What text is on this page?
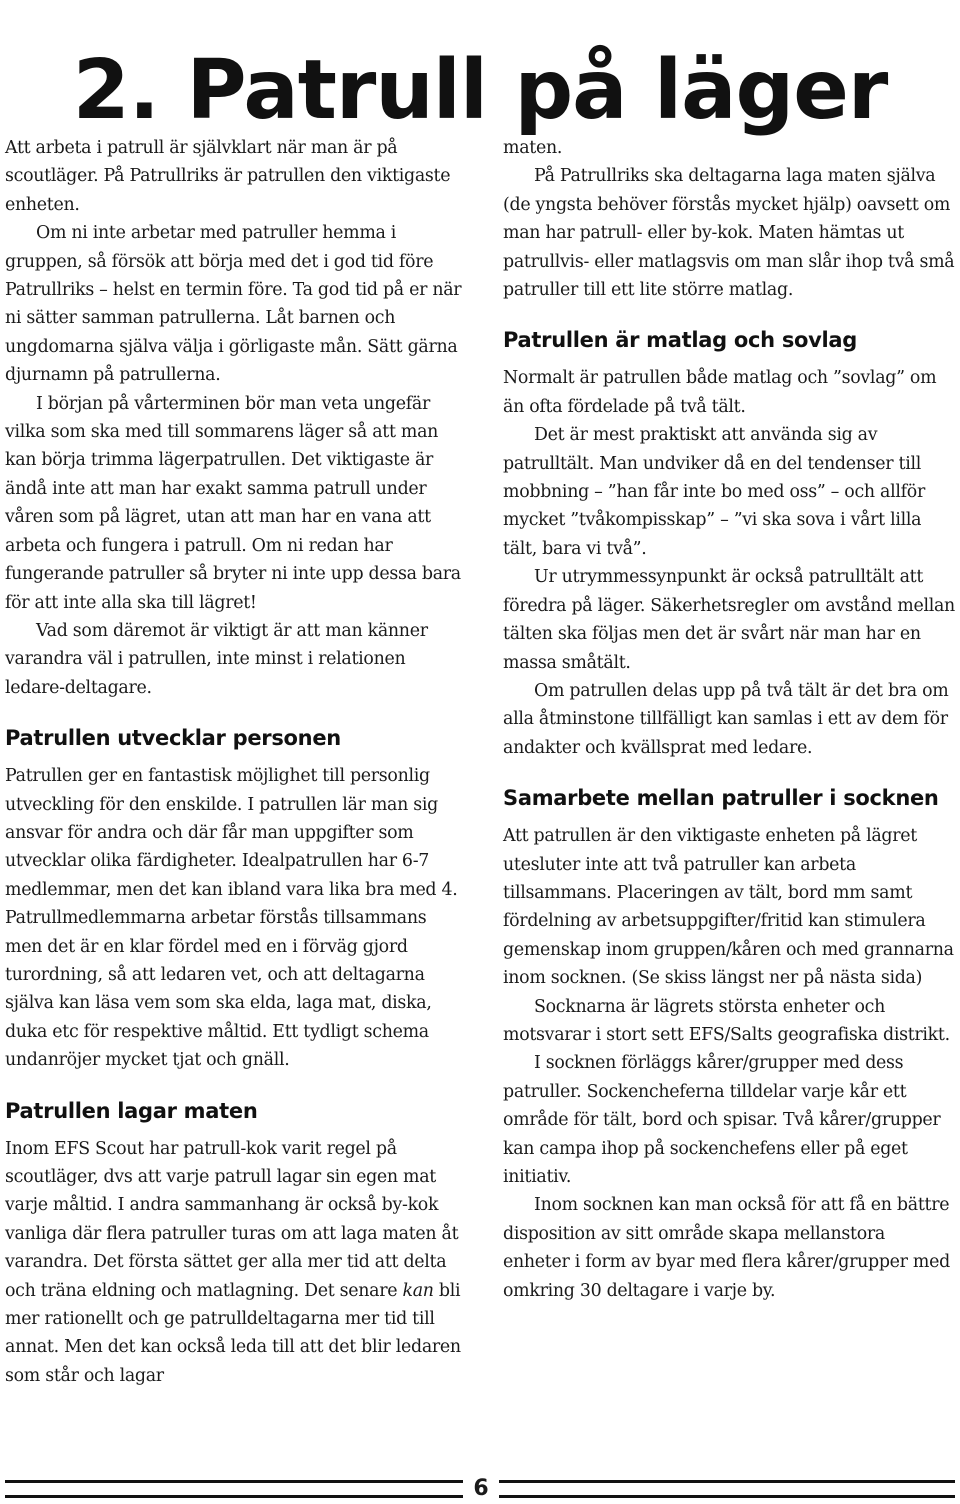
2. Patrull på läger

Att arbeta i patrull är självklart när man är på scoutläger. På Patrullriks är patrullen den viktigaste enheten.

Om ni inte arbetar med patruller hemma i gruppen, så försök att börja med det i god tid före Patrullriks – helst en termin före. Ta god tid på er när ni sätter samman patrullerna. Låt barnen och ungdomarna själva välja i görligaste mån. Sätt gärna djurnamn på patrullerna.

I början på vårterminen bör man veta ungefär vilka som ska med till sommarens läger så att man kan börja trimma lägerpatrullen. Det viktigaste är ändå inte att man har exakt samma patrull under våren som på lägret, utan att man har en vana att arbeta och fungera i patrull. Om ni redan har fungerande patruller så bryter ni inte upp dessa bara för att inte alla ska till lägret!

Vad som däremot är viktigt är att man känner varandra väl i patrullen, inte minst i relationen ledare-deltagare.

Patrullen utvecklar personen

Patrullen ger en fantastisk möjlighet till personlig utveckling för den enskilde. I patrullen lär man sig ansvar för andra och där får man uppgifter som utvecklar olika färdigheter. Idealpatrullen har 6-7 medlemmar, men det kan ibland vara lika bra med 4. Patrullmedlemmarna arbetar förstås tillsammans men det är en klar fördel med en i förväg gjord turordning, så att ledaren vet, och att deltagarna själva kan läsa vem som ska elda, laga mat, diska, duka etc för respektive måltid. Ett tydligt schema undanröjer mycket tjat och gnäll.

Patrullen lagar maten

Inom EFS Scout har patrull-kok varit regel på scoutläger, dvs att varje patrull lagar sin egen mat varje måltid. I andra sammanhang är också by-kok vanliga där flera patruller turas om att laga maten åt varandra. Det första sättet ger alla mer tid att delta och träna eldning och matlagning. Det senare kan bli mer rationellt och ge patrulldeltagarna mer tid till annat. Men det kan också leda till att det blir ledaren som står och lagar

maten.

På Patrullriks ska deltagarna laga maten själva (de yngsta behöver förstås mycket hjälp) oavsett om man har patrull- eller by-kok. Maten hämtas ut patrullvis- eller matlagsvis om man slår ihop två små patruller till ett lite större matlag.

Patrullen är matlag och sovlag

Normalt är patrullen både matlag och ”sovlag” om än ofta fördelade på två tält.

Det är mest praktiskt att använda sig av patrulltält. Man undviker då en del tendenser till mobbning – ”han får inte bo med oss” – och allför mycket ”tvåkompisskap” – ”vi ska sova i vårt lilla tält, bara vi två”.

Ur utrymmessynpunkt är också patrulltält att föredra på läger. Säkerhetsregler om avstånd mellan tälten ska följas men det är svårt när man har en massa småtält.

Om patrullen delas upp på två tält är det bra om alla åtminstone tillfälligt kan samlas i ett av dem för andakter och kvällsprat med ledare.

Samarbete mellan patruller i socknen

Att patrullen är den viktigaste enheten på lägret utesluter inte att två patruller kan arbeta tillsammans. Placeringen av tält, bord mm samt fördelning av arbetsuppgifter/fritid kan stimulera gemenskap inom gruppen/kåren och med grannarna inom socknen. (Se skiss längst ner på nästa sida)

Socknarna är lägrets största enheter och motsvarar i stort sett EFS/Salts geografiska distrikt.

I socknen förläggs kårer/grupper med dess patruller. Sockencheferna tilldelar varje kår ett område för tält, bord och spisar. Två kårer/grupper kan campa ihop på sockenchefens eller på eget initiativ.

Inom socknen kan man också för att få en bättre disposition av sitt område skapa mellanstora enheter i form av byar med flera kårer/grupper med omkring 30 deltagare i varje by.

6
